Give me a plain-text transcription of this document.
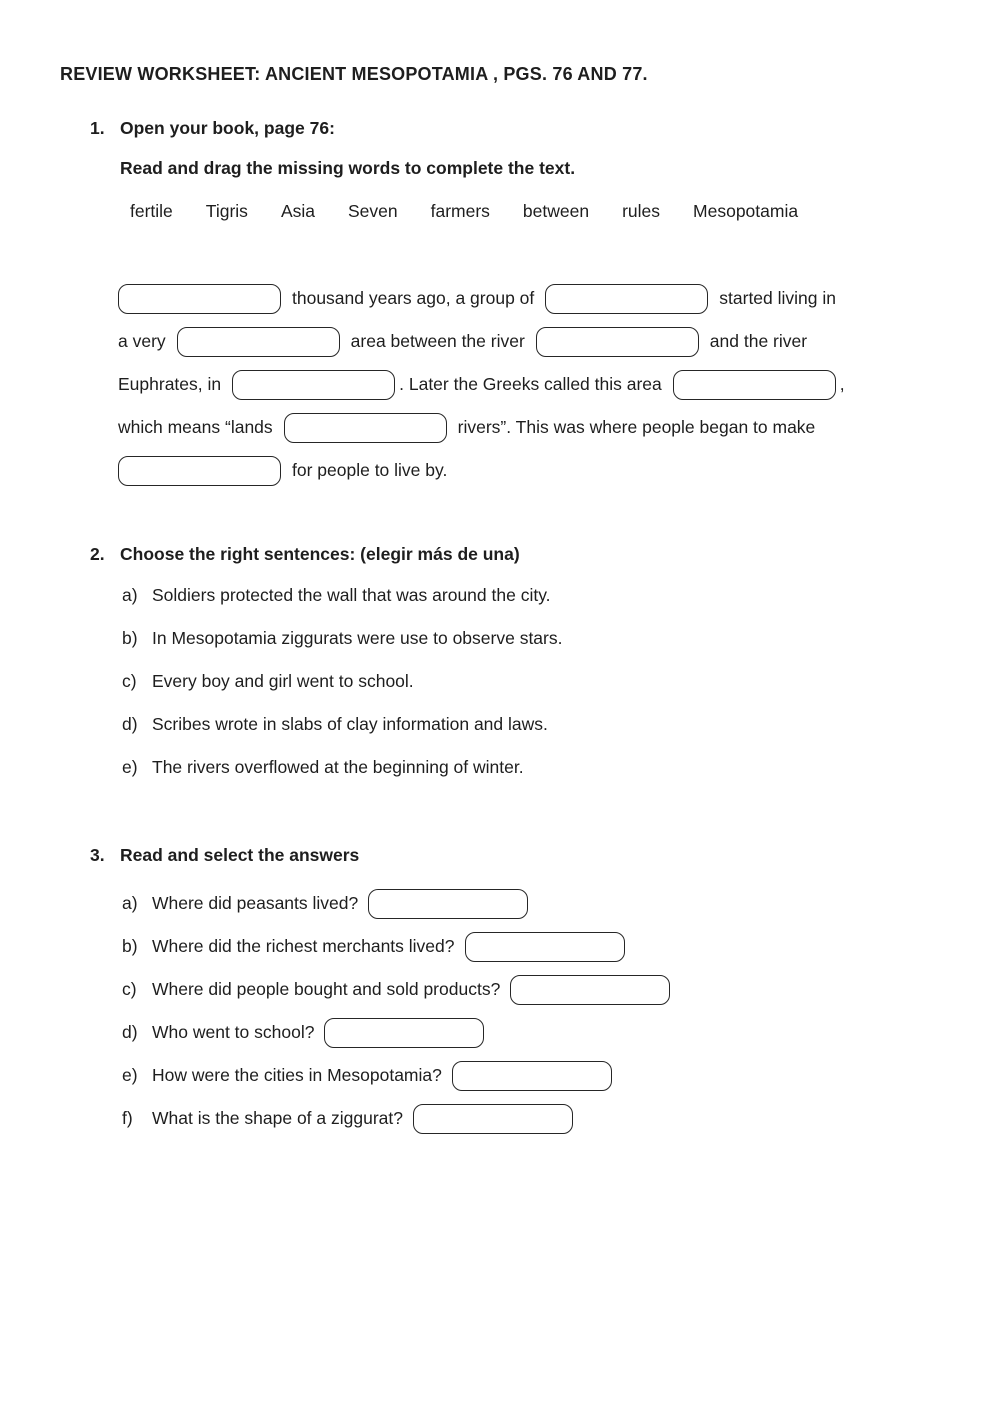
REVIEW WORKSHEET: ANCIENT MESOPOTAMIA , PGS. 76 AND 77.
1. Open your book, page 76:

Read and drag the missing words to complete the text.

fertile Tigris Asia Seven farmers between rules Mesopotamia
thousand years ago, a group of	started living in
a very	area between the river	and the river
Euphrates, in	. Later the Greeks called this area	,
which means “lands	rivers”. This was where people began to make
for people to live by.
2. Choose the right sentences: (elegir más de una)
a) Soldiers protected the wall that was around the city.
b) In Mesopotamia ziggurats were use to observe stars.
c) Every boy and girl went to school.
d) Scribes wrote in slabs of clay information and laws.
e) The rivers overflowed at the beginning of winter.
3. Read and select the answers
a) Where did peasants lived?
b) Where did the richest merchants lived?
c) Where did people bought and sold products?
d) Who went to school?
e) How were the cities in Mesopotamia?
f)	What is the shape of a ziggurat?
